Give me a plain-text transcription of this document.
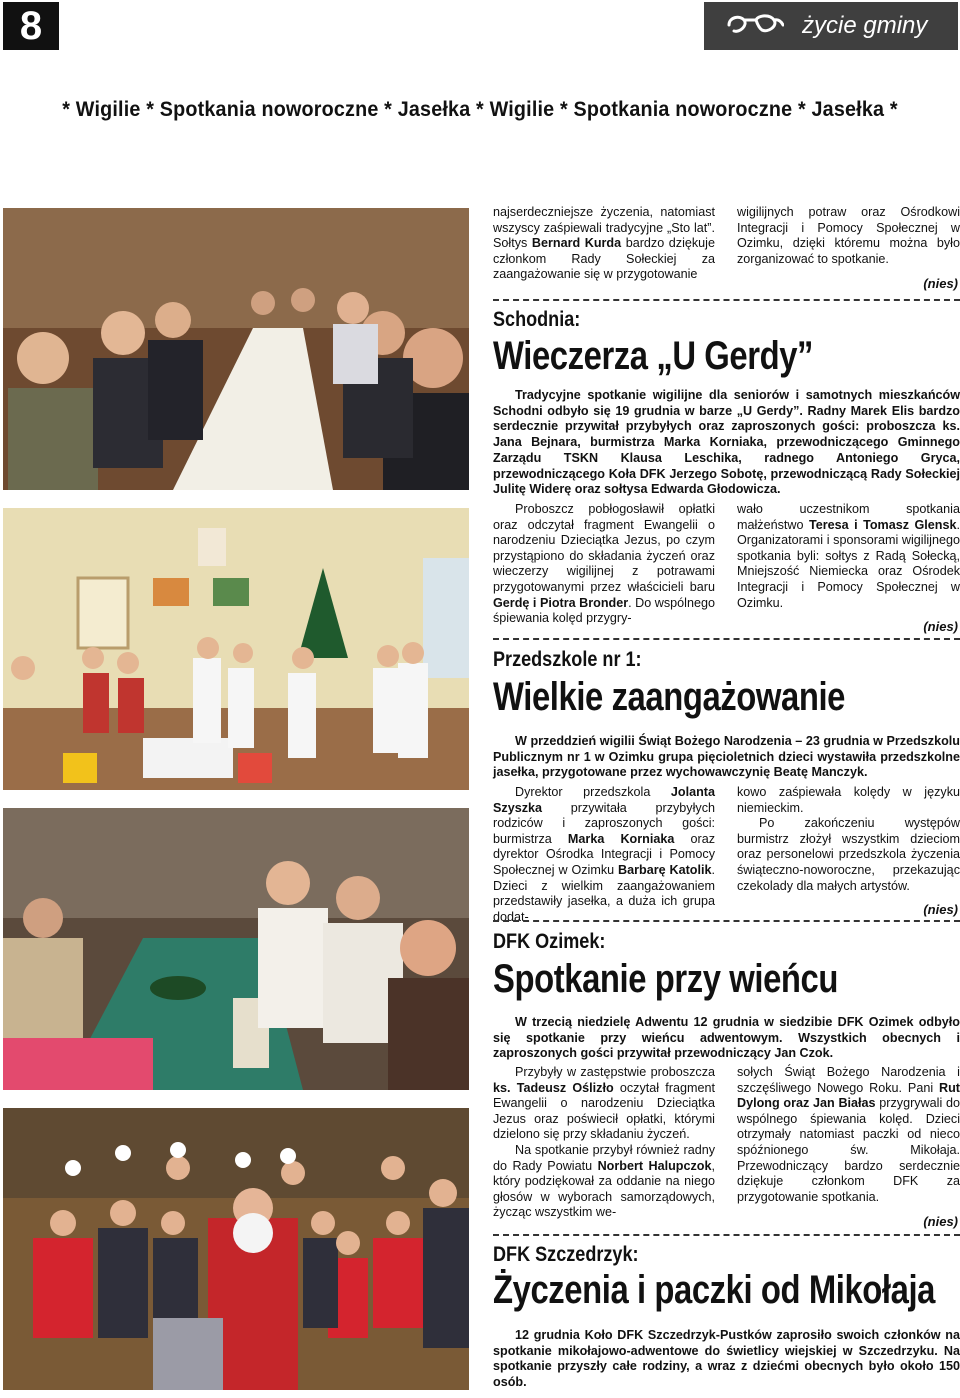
8	życie gminy
* Wigilie * Spotkania noworoczne * Jasełka * Wigilie * Spotkania noworoczne * Jasełka *

najserdeczniejsze życzenia, natomiast wszyscy zaśpiewali tradycyjne „Sto lat”. Sołtys Bernard Kurda bardzo dziękuje członkom Rady Sołeckiej za zaangażowanie się w przygotowanie

wigilijnych potraw oraz Ośrodkowi Integracji i Pomocy Społecznej w Ozimku, dzięki któremu można było zorganizować to spotkanie.

(nies)
Schodnia:
Wieczerza „U Gerdy”
Tradycyjne spotkanie wigilijne dla seniorów i samotnych mieszkańców Schodni odbyło się 19 grudnia w barze „U Gerdy”. Radny Marek Elis bardzo serdecznie przywitał przybyłych oraz zaproszonych gości: proboszcza ks. Jana Bejnara, burmistrza Marka Korniaka, przewodniczącego Gminnego Zarządu TSKN Klausa Leschika, radnego Antoniego Gryca, przewodniczącego Koła DFK Jerzego Sobotę, przewodniczącą Rady Sołeckiej Julitę Widerę oraz sołtysa Edwarda Głodowicza.

Proboszcz pobłogosławił opłatki oraz odczytał fragment Ewangelii o narodzeniu Dzieciątka Jezus, po czym przystąpiono do składania życzeń oraz wieczerzy wigilijnej z potrawami przygotowanymi przez właścicieli baru Gerdę i Piotra Bronder. Do wspólnego śpiewania kolęd przygry-

wało uczestnikom spotkania małżeństwo Teresa i Tomasz Glensk. Organizatorami i sponsorami wigilijnego spotkania byli: sołtys z Radą Sołecką, Mniejszość Niemiecka oraz Ośrodek Integracji i Pomocy Społecznej w Ozimku.

(nies)
Przedszkole nr 1:
Wielkie zaangażowanie
W przeddzień wigilii Świąt Bożego Narodzenia – 23 grudnia w Przedszkolu Publicznym nr 1 w Ozimku grupa pięcioletnich dzieci wystawiła przedszkolne jasełka, przygotowane przez wychowawczynię Beatę Manczyk.

Dyrektor przedszkola Jolanta Szyszka przywitała przybyłych rodziców i zaproszonych gości: burmistrza Marka Korniaka oraz dyrektor Ośrodka Integracji i Pomocy Społecznej w Ozimku Barbarę Katolik. Dzieci z wielkim zaangażowaniem przedstawiły jasełka, a duża ich grupa dodat-

kowo zaśpiewała kolędy w języku niemieckim.

Po zakończeniu występów burmistrz złożył wszystkim dzieciom oraz personelowi przedszkola życzenia świąteczno-noworoczne, przekazując czekolady dla małych artystów.

(nies)
DFK Ozimek:
Spotkanie przy wieńcu
W trzecią niedzielę Adwentu 12 grudnia w siedzibie DFK Ozimek odbyło się spotkanie przy wieńcu adwentowym. Wszystkich obecnych i zaproszonych gości przywitał przewodniczący Jan Czok.

Przybyły w zastępstwie proboszcza ks. Tadeusz Oślizło oczytał fragment Ewangelii o narodzeniu Dzieciątka Jezus oraz poświecił opłatki, którymi dzielono się przy składaniu życzeń.

Na spotkanie przybył również radny do Rady Powiatu Norbert Halupczok, który podziękował za oddanie na niego głosów w wyborach samorządowych, życząc wszystkim we-

sołych Świąt Bożego Narodzenia i szczęśliwego Nowego Roku. Pani Rut Dylong oraz Jan Białas przygrywali do wspólnego śpiewania kolęd. Dzieci otrzymały natomiast paczki od nieco spóźnionego św. Mikołaja. Przewodniczący bardzo serdecznie dziękuje członkom DFK za przygotowanie spotkania.

(nies)
DFK Szczedrzyk:
Życzenia i paczki od Mikołaja
12 grudnia Koło DFK Szczedrzyk-Pustków zaprosiło swoich członków na spotkanie mikołajowo-adwentowe do świetlicy wiejskiej w Szczedrzyku. Na spotkanie przyszły całe rodziny, a wraz z dziećmi obecnych było około 150 osób.
